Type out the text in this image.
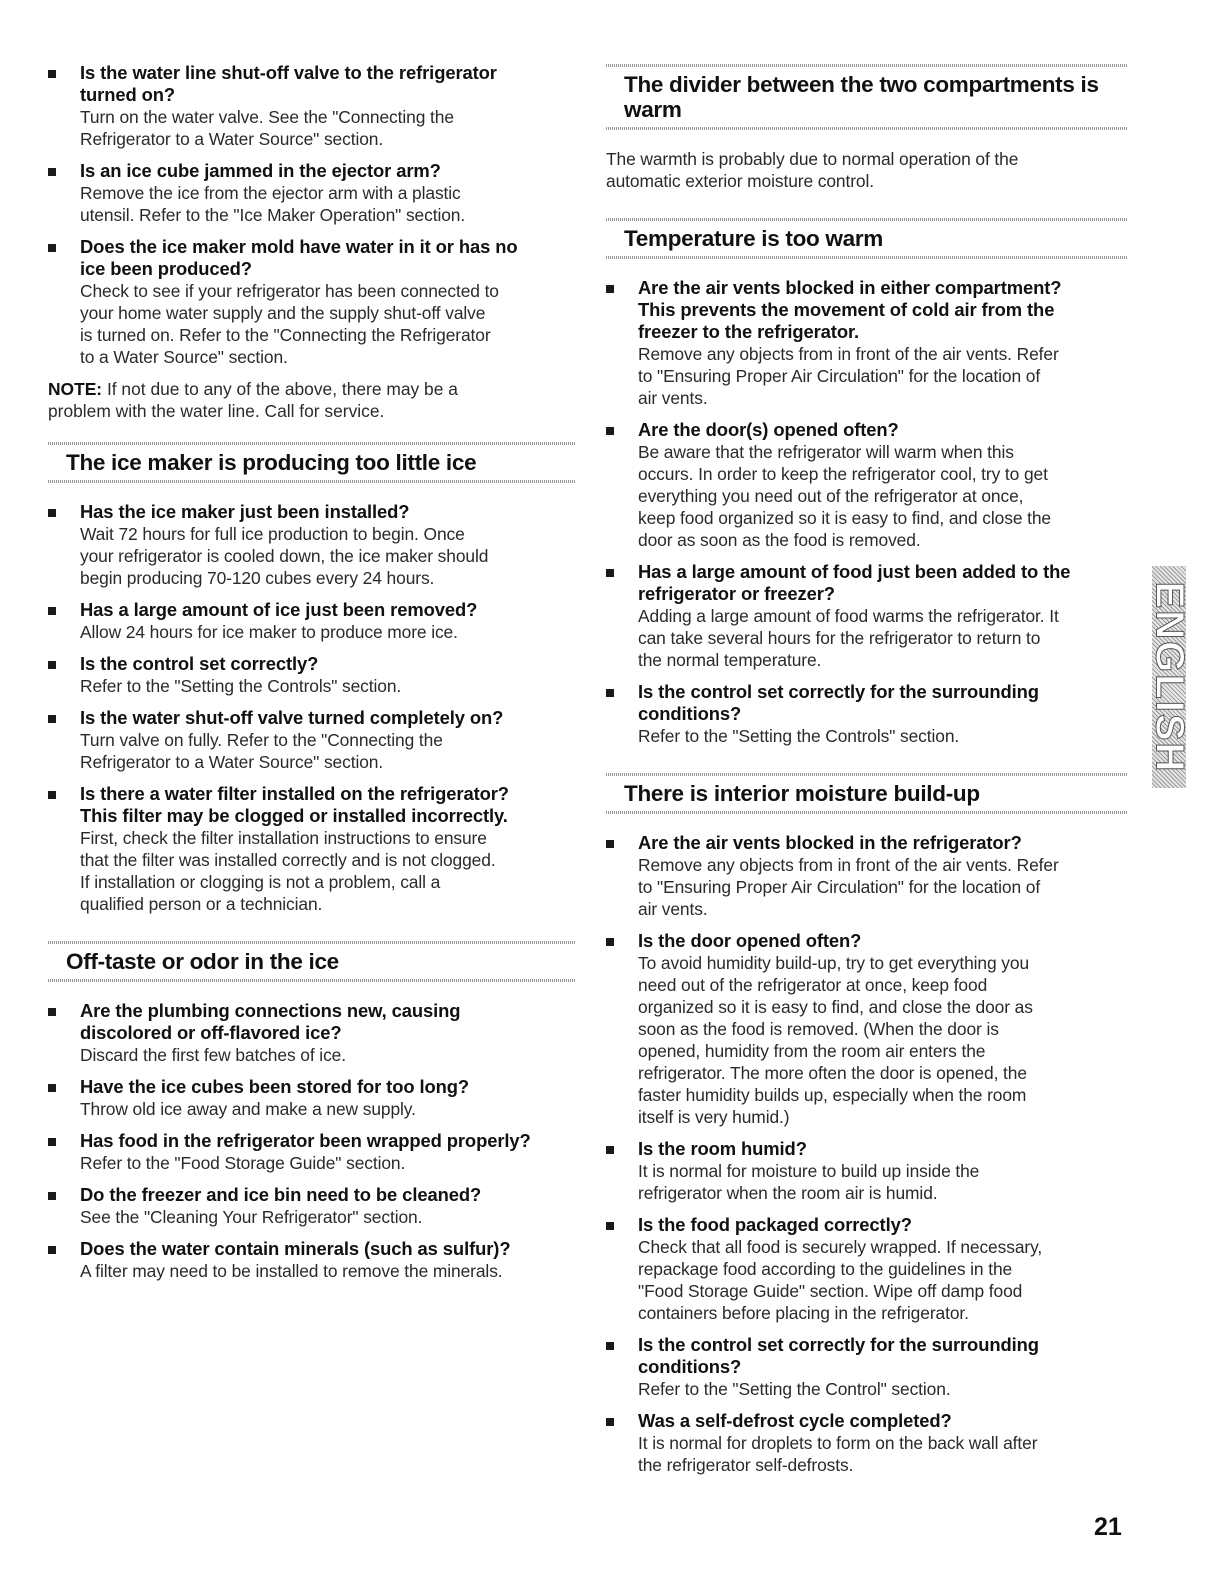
Is the water line shut-off valve to the refrigerator
turned on?
Turn on the water valve. See the "Connecting the
Refrigerator to a Water Source" section.
Is an ice cube jammed in the ejector arm?
Remove the ice from the ejector arm with a plastic
utensil. Refer to the "Ice Maker Operation" section.
Does the ice maker mold have water in it or has no
ice been produced?
Check to see if your refrigerator has been connected to
your home water supply and the supply shut-off valve
is turned on. Refer to the "Connecting the Refrigerator
to a Water Source" section.
NOTE: If not due to any of the above, there may be a
problem with the water line. Call for service.
The ice maker is producing too little ice
Has the ice maker just been installed?
Wait 72 hours for full ice production to begin. Once
your refrigerator is cooled down, the ice maker should
begin producing 70-120 cubes every 24 hours.
Has a large amount of ice just been removed?
Allow 24 hours for ice maker to produce more ice.
Is the control set correctly?
Refer to the "Setting the Controls" section.
Is the water shut-off valve turned completely on?
Turn valve on fully. Refer to the "Connecting the
Refrigerator to a Water Source" section.
Is there a water filter installed on the refrigerator?
This filter may be clogged or installed incorrectly.
First, check the filter installation instructions to ensure
that the filter was installed correctly and is not clogged.
If installation or clogging is not a problem, call a
qualified person or a technician.
Off-taste or odor in the ice
Are the plumbing connections new, causing
discolored or off-flavored ice?
Discard the first few batches of ice.
Have the ice cubes been stored for too long?
Throw old ice away and make a new supply.
Has food in the refrigerator been wrapped properly?
Refer to the "Food Storage Guide" section.
Do the freezer and ice bin need to be cleaned?
See the "Cleaning Your Refrigerator" section.
Does the water contain minerals (such as sulfur)?
A filter may need to be installed to remove the minerals.
The divider between the two compartments is
warm
The warmth is probably due to normal operation of the
automatic exterior moisture control.
Temperature is too warm
Are the air vents blocked in either compartment?
This prevents the movement of cold air from the
freezer to the refrigerator.
Remove any objects from in front of the air vents. Refer
to "Ensuring Proper Air Circulation" for the location of
air vents.
Are the door(s) opened often?
Be aware that the refrigerator will warm when this
occurs. In order to keep the refrigerator cool, try to get
everything you need out of the refrigerator at once,
keep food organized so it is easy to find, and close the
door as soon as the food is removed.
Has a large amount of food just been added to the
refrigerator or freezer?
Adding a large amount of food warms the refrigerator. It
can take several hours for the refrigerator to return to
the normal temperature.
Is the control set correctly for the surrounding
conditions?
Refer to the "Setting the Controls" section.
There is interior moisture build-up
Are the air vents blocked in the refrigerator?
Remove any objects from in front of the air vents. Refer
to "Ensuring Proper Air Circulation" for the location of
air vents.
Is the door opened often?
To avoid humidity build-up, try to get everything you
need out of the refrigerator at once, keep food
organized so it is easy to find, and close the door as
soon as the food is removed. (When the door is
opened, humidity from the room air enters the
refrigerator. The more often the door is opened, the
faster humidity builds up, especially when the room
itself is very humid.)
Is the room humid?
It is normal for moisture to build up inside the
refrigerator when the room air is humid.
Is the food packaged correctly?
Check that all food is securely wrapped. If necessary,
repackage food according to the guidelines in the
"Food Storage Guide" section. Wipe off damp food
containers before placing in the refrigerator.
Is the control set correctly for the surrounding
conditions?
Refer to the "Setting the Control" section.
Was a self-defrost cycle completed?
It is normal for droplets to form on the back wall after
the refrigerator self-defrosts.
ENGLISH
21
